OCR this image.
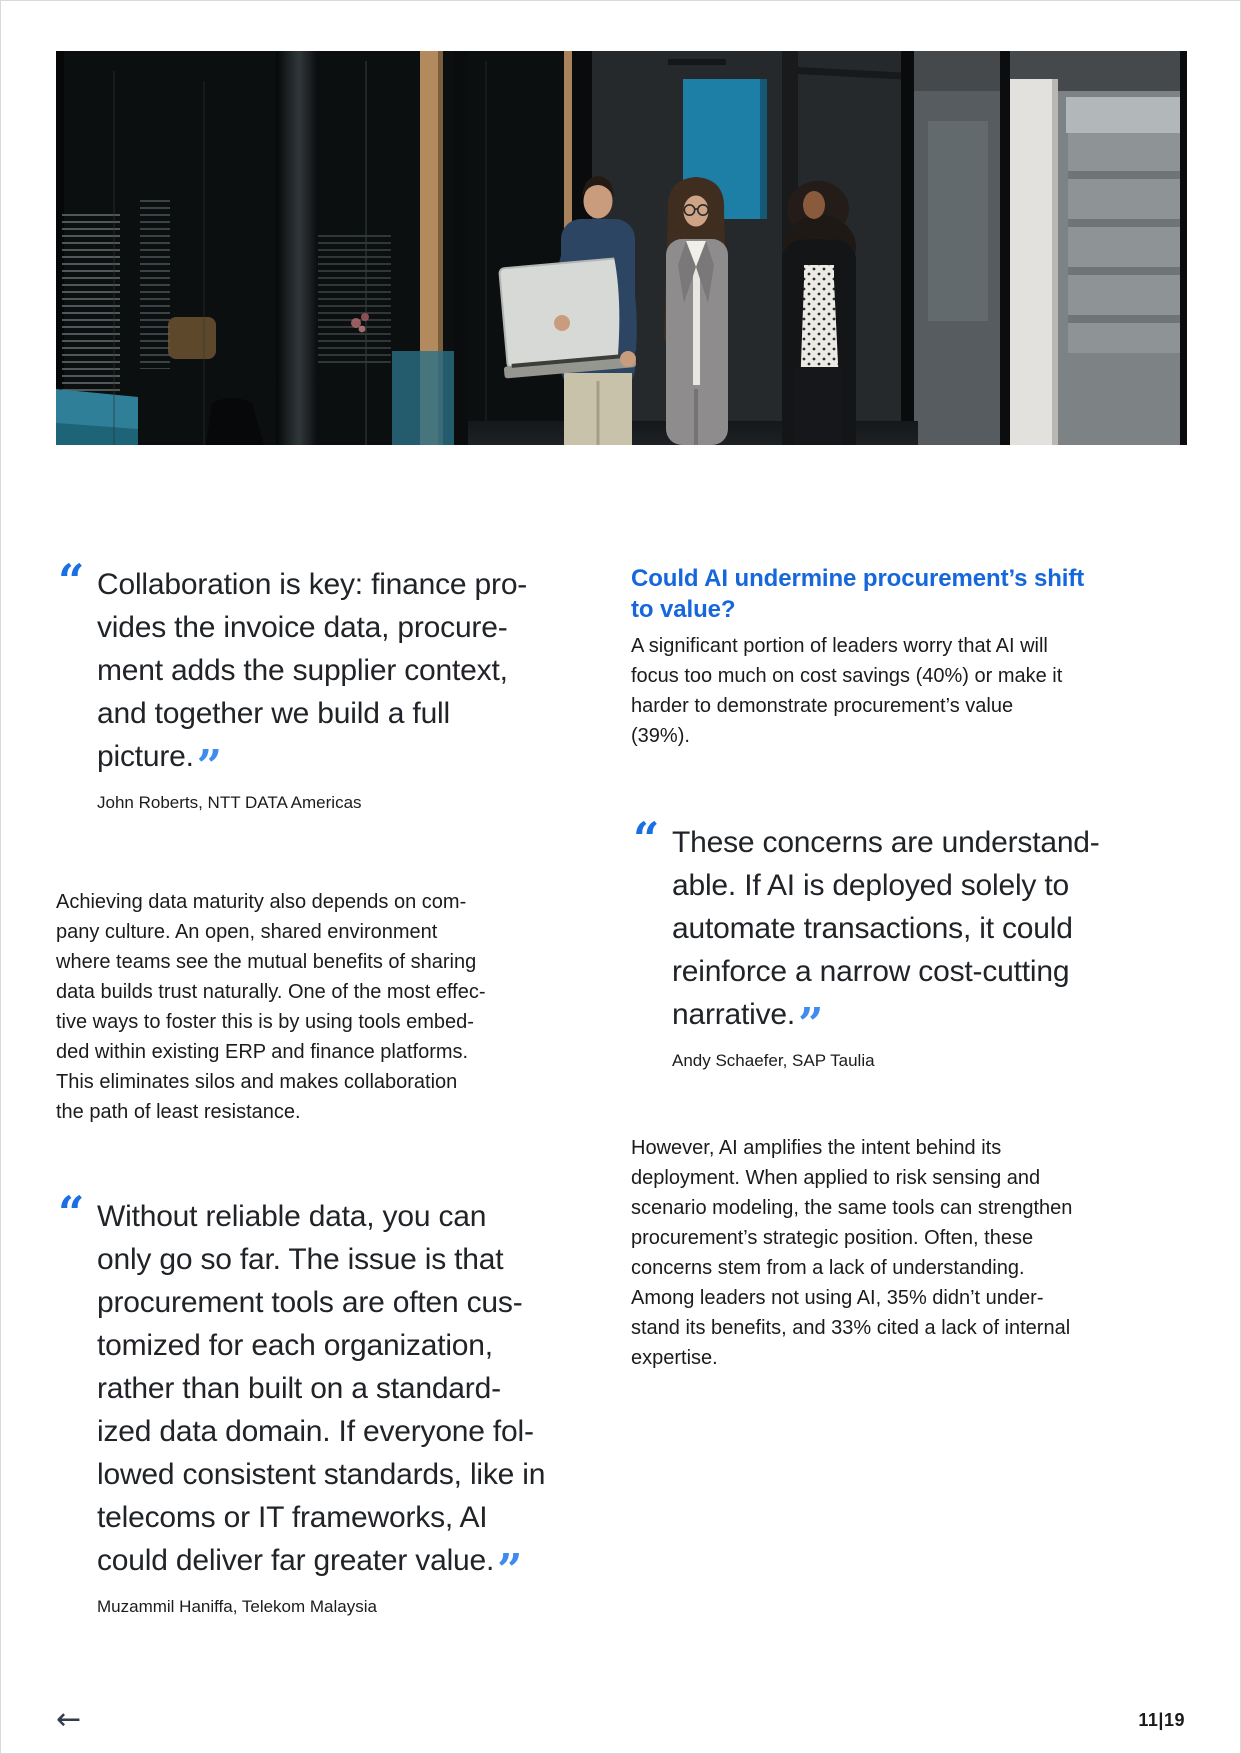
“ Collaboration is key: finance pro-
vides the invoice data, procure-
ment adds the supplier context,
and together we build a full
picture.”

John Roberts, NTT DATA Americas

Achieving data maturity also depends on com-
pany culture. An open, shared environment
where teams see the mutual benefits of sharing
data builds trust naturally. One of the most effec-
tive ways to foster this is by using tools embed-
ded within existing ERP and finance platforms.
This eliminates silos and makes collaboration
the path of least resistance.

“ Without reliable data, you can
only go so far. The issue is that
procurement tools are often cus-
tomized for each organization,
rather than built on a standard-
ized data domain. If everyone fol-
lowed consistent standards, like in
telecoms or IT frameworks, AI
could deliver far greater value.”

Muzammil Haniffa, Telekom Malaysia
Could AI undermine procurement’s shift
to value?

A significant portion of leaders worry that AI will
focus too much on cost savings (40%) or make it
harder to demonstrate procurement’s value
(39%).

“ These concerns are understand-
able. If AI is deployed solely to
automate transactions, it could
reinforce a narrow cost-cutting
narrative.”

Andy Schaefer, SAP Taulia

However, AI amplifies the intent behind its
deployment. When applied to risk sensing and
scenario modeling, the same tools can strengthen
procurement’s strategic position. Often, these
concerns stem from a lack of understanding.
Among leaders not using AI, 35% didn’t under-
stand its benefits, and 33% cited a lack of internal
expertise.

←	11|19
